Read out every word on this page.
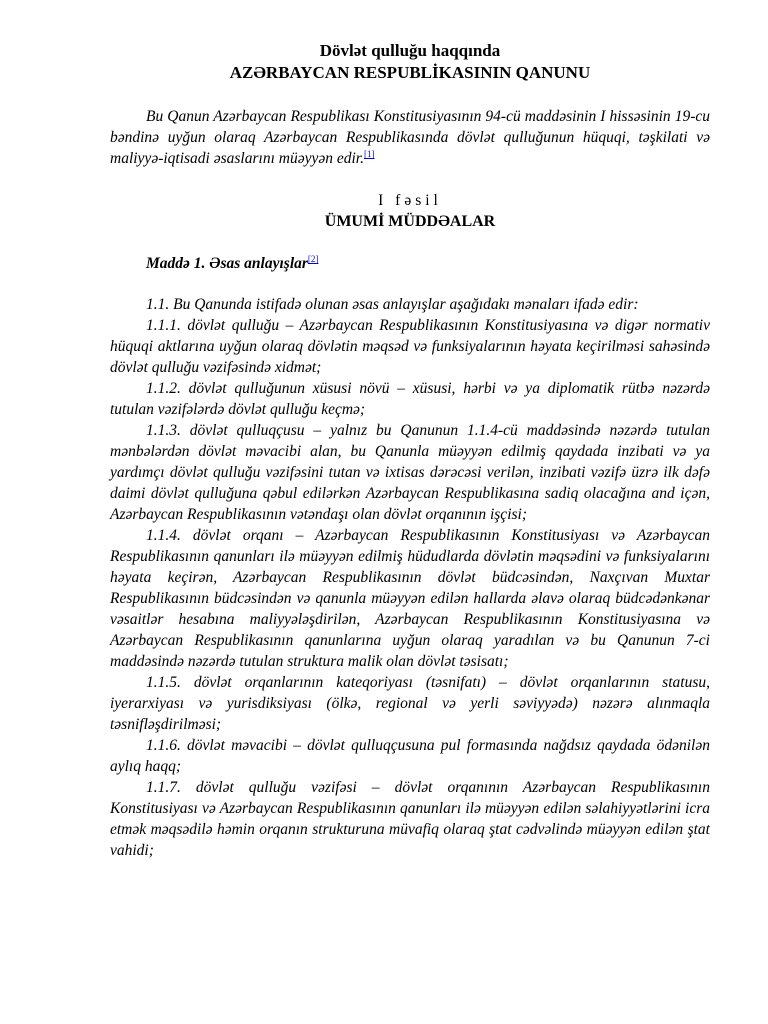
Dövlət qulluğu haqqında

AZƏRBAYCAN RESPUBLİKASININ QANUNU

Bu Qanun Azərbaycan Respublikası Konstitusiyasının 94-cü maddəsinin I hissəsinin 19-cu bəndinə uyğun olaraq Azərbaycan Respublikasında dövlət qulluğunun hüquqi, təşkilati və maliyyə-iqtisadi əsaslarını müəyyən edir.[1]

I fəsil

ÜMUMİ MÜDDƏALAR

Maddə 1. Əsas anlayışlar[2]

1.1. Bu Qanunda istifadə olunan əsas anlayışlar aşağıdakı mənaları ifadə edir:

1.1.1. dövlət qulluğu – Azərbaycan Respublikasının Konstitusiyasına və digər normativ hüquqi aktlarına uyğun olaraq dövlətin məqsəd və funksiyalarının həyata keçirilməsi sahəsində dövlət qulluğu vəzifəsində xidmət;

1.1.2. dövlət qulluğunun xüsusi növü – xüsusi, hərbi və ya diplomatik rütbə nəzərdə tutulan vəzifələrdə dövlət qulluğu keçmə;

1.1.3. dövlət qulluqçusu – yalnız bu Qanunun 1.1.4-cü maddəsində nəzərdə tutulan mənbələrdən dövlət məvacibi alan, bu Qanunla müəyyən edilmiş qaydada inzibati və ya yardımçı dövlət qulluğu vəzifəsini tutan və ixtisas dərəcəsi verilən, inzibati vəzifə üzrə ilk dəfə daimi dövlət qulluğuna qəbul edilərkən Azərbaycan Respublikasına sadiq olacağına and içən, Azərbaycan Respublikasının vətəndaşı olan dövlət orqanının işçisi;

1.1.4. dövlət orqanı – Azərbaycan Respublikasının Konstitusiyası və Azərbaycan Respublikasının qanunları ilə müəyyən edilmiş hüdudlarda dövlətin məqsədini və funksiyalarını həyata keçirən, Azərbaycan Respublikasının dövlət büdcəsindən, Naxçıvan Muxtar Respublikasının büdcəsindən və qanunla müəyyən edilən hallarda əlavə olaraq büdcədənkənar vəsaitlər hesabına maliyyələşdirilən, Azərbaycan Respublikasının Konstitusiyasına və Azərbaycan Respublikasının qanunlarına uyğun olaraq yaradılan və bu Qanunun 7-ci maddəsində nəzərdə tutulan struktura malik olan dövlət təsisatı;

1.1.5. dövlət orqanlarının kateqoriyası (təsnifatı) – dövlət orqanlarının statusu, iyerarxiyası və yurisdiksiyası (ölkə, regional və yerli səviyyədə) nəzərə alınmaqla təsnifləşdirilməsi;

1.1.6. dövlət məvacibi – dövlət qulluqçusuna pul formasında nağdsız qaydada ödənilən aylıq haqq;

1.1.7. dövlət qulluğu vəzifəsi – dövlət orqanının Azərbaycan Respublikasının Konstitusiyası və Azərbaycan Respublikasının qanunları ilə müəyyən edilən səlahiyyətlərini icra etmək məqsədilə həmin orqanın strukturuna müvafiq olaraq ştat cədvəlində müəyyən edilən ştat vahidi;
